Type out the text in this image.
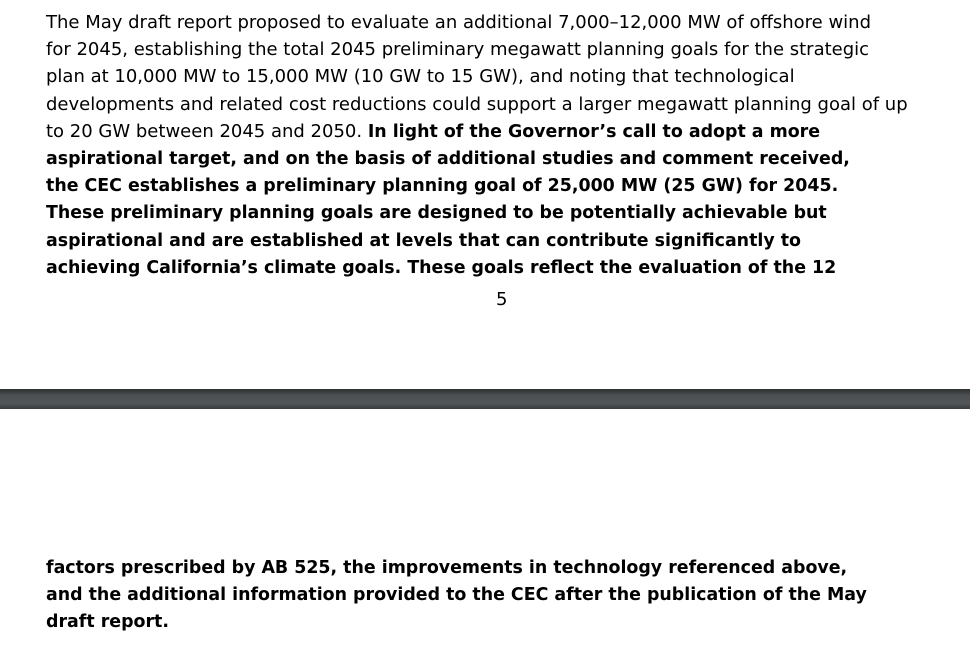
The May draft report proposed to evaluate an additional 7,000–12,000 MW of offshore wind
for 2045, establishing the total 2045 preliminary megawatt planning goals for the strategic
plan at 10,000 MW to 15,000 MW (10 GW to 15 GW), and noting that technological
developments and related cost reductions could support a larger megawatt planning goal of up
to 20 GW between 2045 and 2050. In light of the Governor’s call to adopt a more
aspirational target, and on the basis of additional studies and comment received,
the CEC establishes a preliminary planning goal of 25,000 MW (25 GW) for 2045.
These preliminary planning goals are designed to be potentially achievable but
aspirational and are established at levels that can contribute significantly to
achieving California’s climate goals. These goals reflect the evaluation of the 12
5
factors prescribed by AB 525, the improvements in technology referenced above,
and the additional information provided to the CEC after the publication of the May
draft report.
